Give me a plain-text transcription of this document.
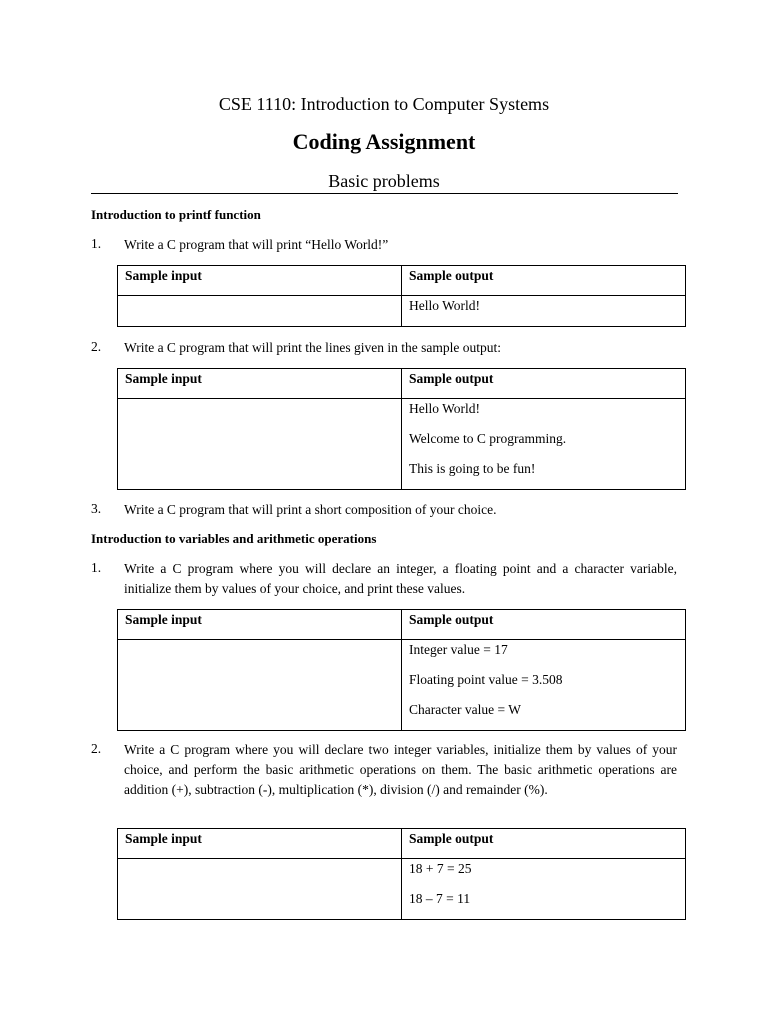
CSE 1110: Introduction to Computer Systems
Coding Assignment
Basic problems
Introduction to printf function
1. Write a C program that will print “Hello World!”
Sample input	Sample output

	Hello World!
2. Write a C program that will print the lines given in the sample output:
Sample input	Sample output

	Hello World!
Welcome to C programming.
This is going to be fun!
3. Write a C program that will print a short composition of your choice.
Introduction to variables and arithmetic operations
1. Write a C program where you will declare an integer, a floating point and a character variable, initialize them by values of your choice, and print these values.
Sample input	Sample output

	Integer value = 17
Floating point value = 3.508
Character value = W
2. Write a C program where you will declare two integer variables, initialize them by values of your choice, and perform the basic arithmetic operations on them. The basic arithmetic operations are addition (+), subtraction (-), multiplication (*), division (/) and remainder (%).
Sample input	Sample output

	18 + 7 = 25
18 – 7 = 11
